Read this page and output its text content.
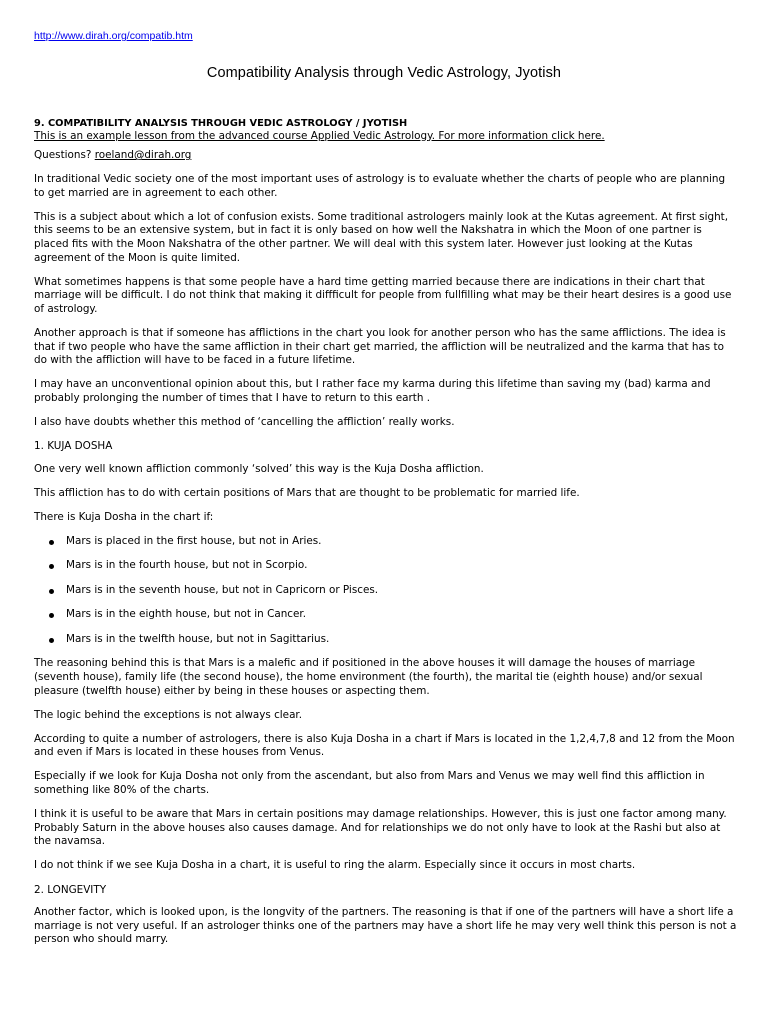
http://www.dirah.org/compatib.htm
Compatibility Analysis through Vedic Astrology, Jyotish

9. COMPATIBILITY ANALYSIS THROUGH VEDIC ASTROLOGY / JYOTISH

This is an example lesson from the advanced course Applied Vedic Astrology. For more information click here.

Questions? roeland@dirah.org

In traditional Vedic society one of the most important uses of astrology is to evaluate whether the charts of people who are planning to get married are in agreement to each other.

This is a subject about which a lot of confusion exists. Some traditional astrologers mainly look at the Kutas agreement. At first sight, this seems to be an extensive system, but in fact it is only based on how well the Nakshatra in which the Moon of one partner is placed fits with the Moon Nakshatra of the other partner. We will deal with this system later. However just looking at the Kutas agreement of the Moon is quite limited.

What sometimes happens is that some people have a hard time getting married because there are indications in their chart that marriage will be difficult. I do not think that making it diffficult for people from fullfilling what may be their heart desires is a good use of astrology.

Another approach is that if someone has afflictions in the chart you look for another person who has the same afflictions. The idea is that if two people who have the same affliction in their chart get married, the affliction will be neutralized and the karma that has to do with the affliction will have to be faced in a future lifetime.

I may have an unconventional opinion about this, but I rather face my karma during this lifetime than saving my (bad) karma and probably prolonging the number of times that I have to return to this earth .

I also have doubts whether this method of ‘cancelling the affliction’ really works.

1. KUJA DOSHA

One very well known affliction commonly ‘solved’ this way is the Kuja Dosha affliction.

This affliction has to do with certain positions of Mars that are thought to be problematic for married life.

There is Kuja Dosha in the chart if:

Mars is placed in the first house, but not in Aries.
Mars is in the fourth house, but not in Scorpio.
Mars is in the seventh house, but not in Capricorn or Pisces.
Mars is in the eighth house, but not in Cancer.
Mars is in the twelfth house, but not in Sagittarius.

The reasoning behind this is that Mars is a malefic and if positioned in the above houses it will damage the houses of marriage (seventh house), family life (the second house), the home environment (the fourth), the marital tie (eighth house) and/or sexual pleasure (twelfth house) either by being in these houses or aspecting them.

The logic behind the exceptions is not always clear.

According to quite a number of astrologers, there is also Kuja Dosha in a chart if Mars is located in the 1,2,4,7,8 and 12 from the Moon and even if Mars is located in these houses from Venus.

Especially if we look for Kuja Dosha not only from the ascendant, but also from Mars and Venus we may well find this affliction in something like 80% of the charts.

I think it is useful to be aware that Mars in certain positions may damage relationships. However, this is just one factor among many. Probably Saturn in the above houses also causes damage. And for relationships we do not only have to look at the Rashi but also at the navamsa.

I do not think if we see Kuja Dosha in a chart, it is useful to ring the alarm. Especially since it occurs in most charts.

2. LONGEVITY

Another factor, which is looked upon, is the longvity of the partners. The reasoning is that if one of the partners will have a short life a marriage is not very useful. If an astrologer thinks one of the partners may have a short life he may very well think this person is not a person who should marry.
